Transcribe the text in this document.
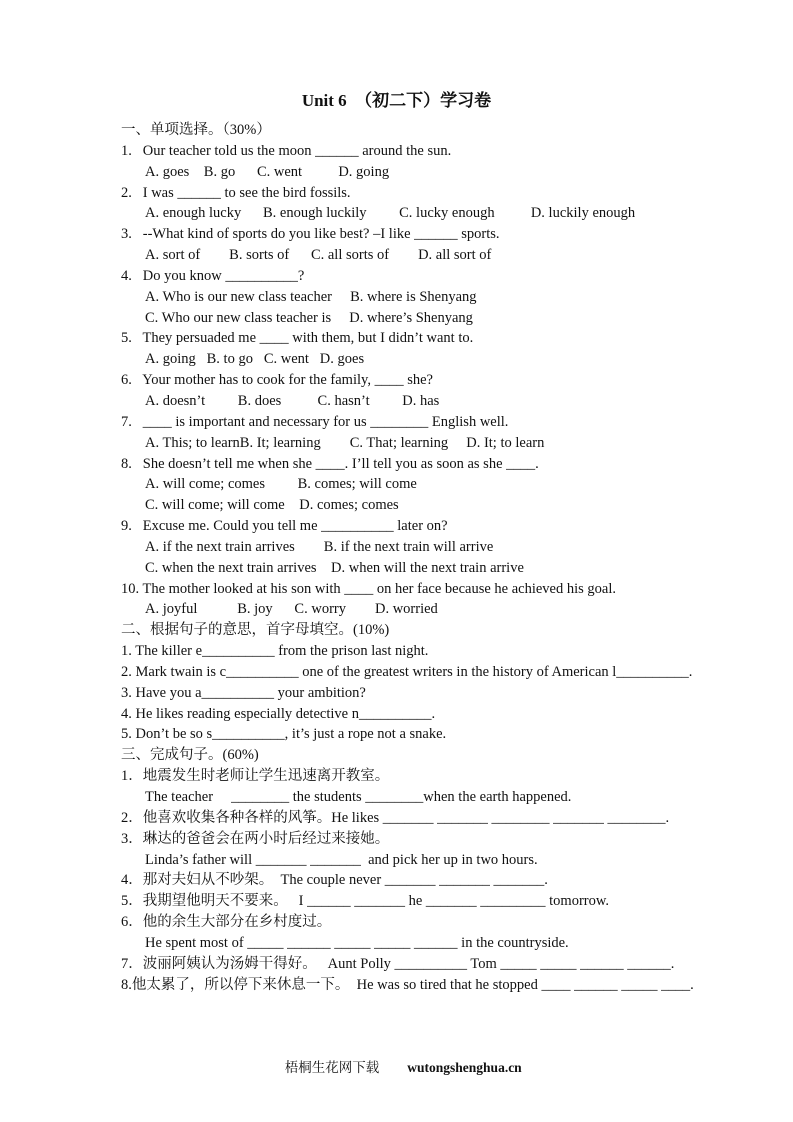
Unit 6  （初二下）学习卷

一、单项选择。（30%）

1.   Our teacher told us the moon ______ around the sun.

A. goes    B. go      C. went          D. going

2.   I was ______ to see the bird fossils.

A. enough lucky      B. enough luckily         C. lucky enough          D. luckily enough

3.   --What kind of sports do you like best? –I like ______ sports.

A. sort of        B. sorts of      C. all sorts of        D. all sort of

4.   Do you know __________?

A. Who is our new class teacher     B. where is Shenyang

C. Who our new class teacher is     D. where’s Shenyang

5.   They persuaded me ____ with them, but I didn’t want to.

A. going   B. to go   C. went   D. goes

6.   Your mother has to cook for the family, ____ she?

A. doesn’t         B. does          C. hasn’t         D. has

7.   ____ is important and necessary for us ________ English well.

A. This; to learnB. It; learning        C. That; learning     D. It; to learn

8.   She doesn’t tell me when she ____. I’ll tell you as soon as she ____.

A. will come; comes         B. comes; will come

C. will come; will come    D. comes; comes

9.   Excuse me. Could you tell me __________ later on?

A. if the next train arrives        B. if the next train will arrive

C. when the next train arrives    D. when will the next train arrive

10. The mother looked at his son with ____ on her face because he achieved his goal.

A. joyful           B. joy      C. worry        D. worried

二、根据句子的意思，首字母填空。(10%)

1. The killer e__________ from the prison last night.

2. Mark twain is c__________ one of the greatest writers in the history of American l__________.

3. Have you a__________ your ambition?

4. He likes reading especially detective n__________.

5. Don’t be so s__________, it’s just a rope not a snake.

三、完成句子。(60%)

1．地震发生时老师让学生迅速离开教室。

The teacher     ________ the students ________when the earth happened.

2．他喜欢收集各种各样的风筝。He likes _______ _______ ________ _______ ________.

3．琳达的爸爸会在两小时后经过来接她。

Linda’s father will _______ _______  and pick her up in two hours.

4．那对夫妇从不吵架。  The couple never _______ _______ _______.

5．我期望他明天不要来。   I ______ _______ he _______ _________ tomorrow.

6．他的余生大部分在乡村度过。

He spent most of _____ ______ _____ _____ ______ in the countryside.

7．波丽阿姨认为汤姆干得好。   Aunt Polly __________ Tom _____ _____ ______ ______.

8.他太累了，所以停下来休息一下。  He was so tired that he stopped ____ ______ _____ ____.

梧桐生花网下载 wutongshenghua.cn
